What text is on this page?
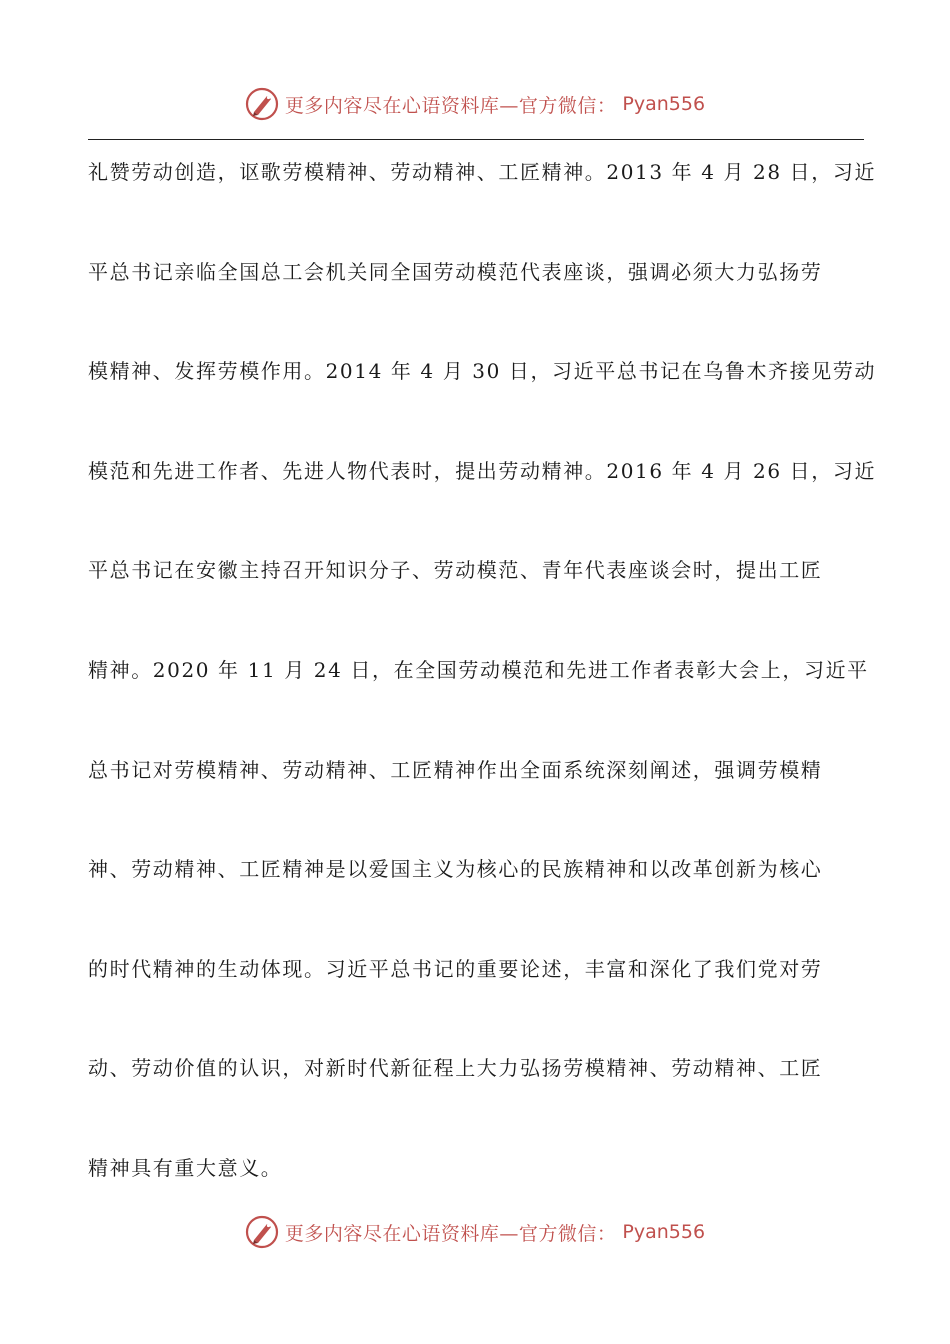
更多内容尽在心语资料库—官方微信： Pyan556
礼赞劳动创造，讴歌劳模精神、劳动精神、工匠精神。2013 年 4 月 28 日，习近
平总书记亲临全国总工会机关同全国劳动模范代表座谈，强调必须大力弘扬劳
模精神、发挥劳模作用。2014 年 4 月 30 日，习近平总书记在乌鲁木齐接见劳动
模范和先进工作者、先进人物代表时，提出劳动精神。2016 年 4 月 26 日，习近
平总书记在安徽主持召开知识分子、劳动模范、青年代表座谈会时，提出工匠
精神。2020 年 11 月 24 日，在全国劳动模范和先进工作者表彰大会上，习近平
总书记对劳模精神、劳动精神、工匠精神作出全面系统深刻阐述，强调劳模精
神、劳动精神、工匠精神是以爱国主义为核心的民族精神和以改革创新为核心
的时代精神的生动体现。习近平总书记的重要论述，丰富和深化了我们党对劳
动、劳动价值的认识，对新时代新征程上大力弘扬劳模精神、劳动精神、工匠
精神具有重大意义。
更多内容尽在心语资料库—官方微信： Pyan556
